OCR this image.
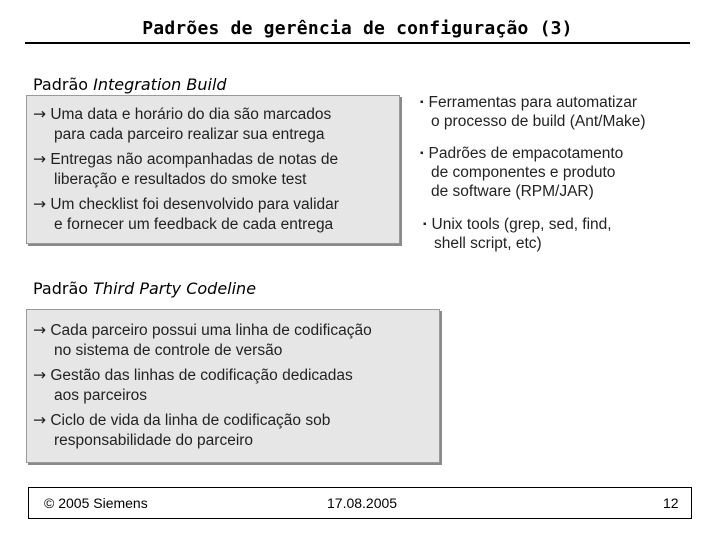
Padrões de gerência de configuração (3)
Padrão Integration Build
→ Uma data e horário do dia são marcados
para cada parceiro realizar sua entrega
→ Entregas não acompanhadas de notas de
liberação e resultados do smoke test
→ Um checklist foi desenvolvido para validar
e fornecer um feedback de cada entrega
▪ Ferramentas para automatizar
o processo de build (Ant/Make)
▪ Padrões de empacotamento
de componentes e produto
de software (RPM/JAR)
▪ Unix tools (grep, sed, find,
shell script, etc)
Padrão Third Party Codeline
→ Cada parceiro possui uma linha de codificação
no sistema de controle de versão
→ Gestão das linhas de codificação dedicadas
aos parceiros
→ Ciclo de vida da linha de codificação sob
responsabilidade do parceiro
© 2005 Siemens	17.08.2005	12
